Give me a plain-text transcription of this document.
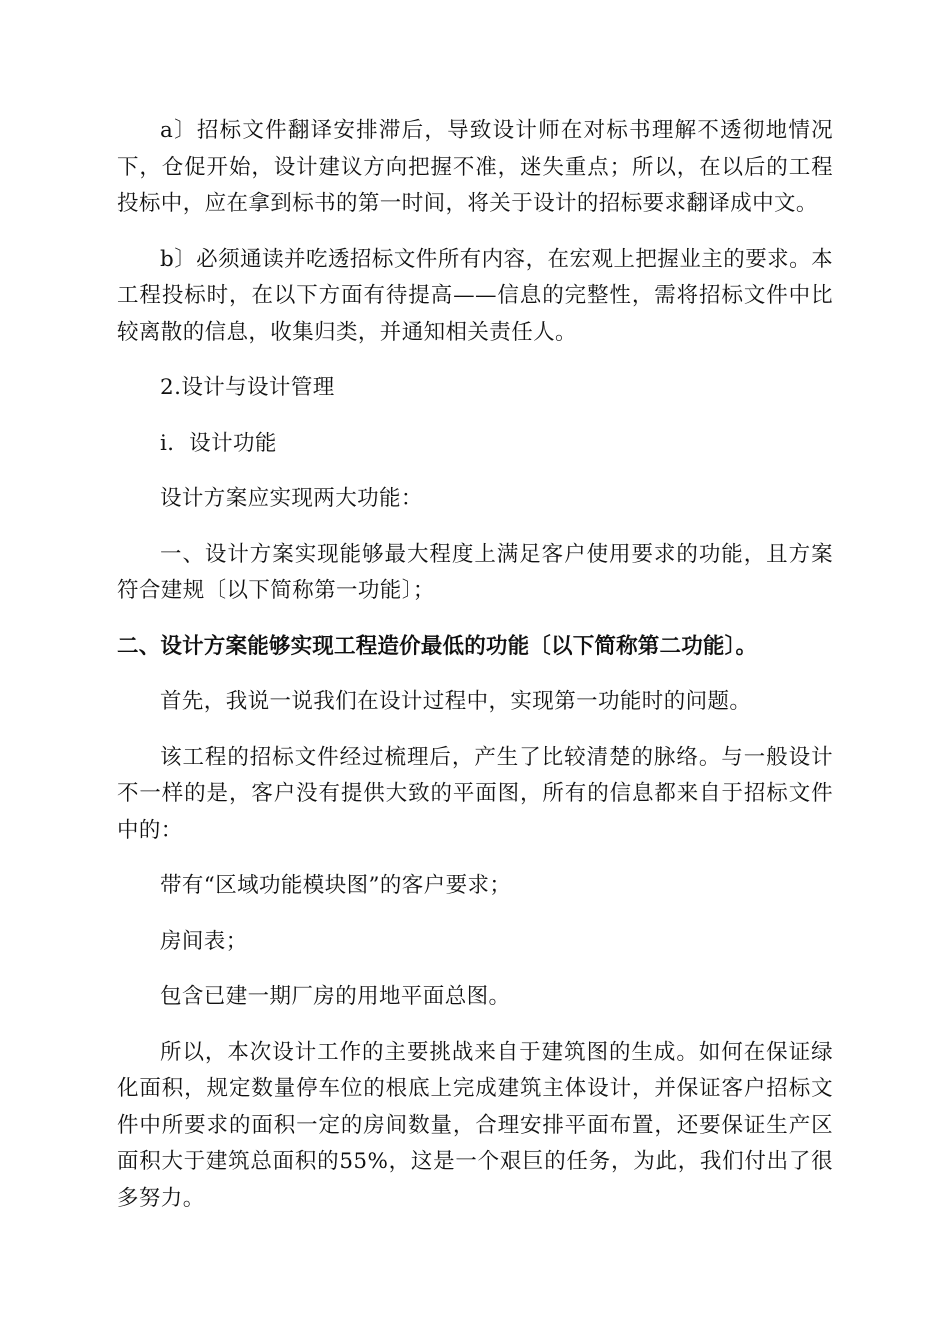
a〕招标文件翻译安排滞后，导致设计师在对标书理解不透彻地情况下，仓促开始，设计建议方向把握不准，迷失重点；所以，在以后的工程投标中，应在拿到标书的第一时间，将关于设计的招标要求翻译成中文。

b〕必须通读并吃透招标文件所有内容，在宏观上把握业主的要求。本工程投标时，在以下方面有待提高——信息的完整性，需将招标文件中比较离散的信息，收集归类，并通知相关责任人。

2.设计与设计管理

i．设计功能

设计方案应实现两大功能：

一、设计方案实现能够最大程度上满足客户使用要求的功能，且方案符合建规〔以下简称第一功能〕；

二、设计方案能够实现工程造价最低的功能〔以下简称第二功能〕。

首先，我说一说我们在设计过程中，实现第一功能时的问题。

该工程的招标文件经过梳理后，产生了比较清楚的脉络。与一般设计不一样的是，客户没有提供大致的平面图，所有的信息都来自于招标文件中的：

带有“区域功能模块图”的客户要求；

房间表；

包含已建一期厂房的用地平面总图。

所以，本次设计工作的主要挑战来自于建筑图的生成。如何在保证绿化面积，规定数量停车位的根底上完成建筑主体设计，并保证客户招标文件中所要求的面积一定的房间数量，合理安排平面布置，还要保证生产区面积大于建筑总面积的55%，这是一个艰巨的任务，为此，我们付出了很多努力。
